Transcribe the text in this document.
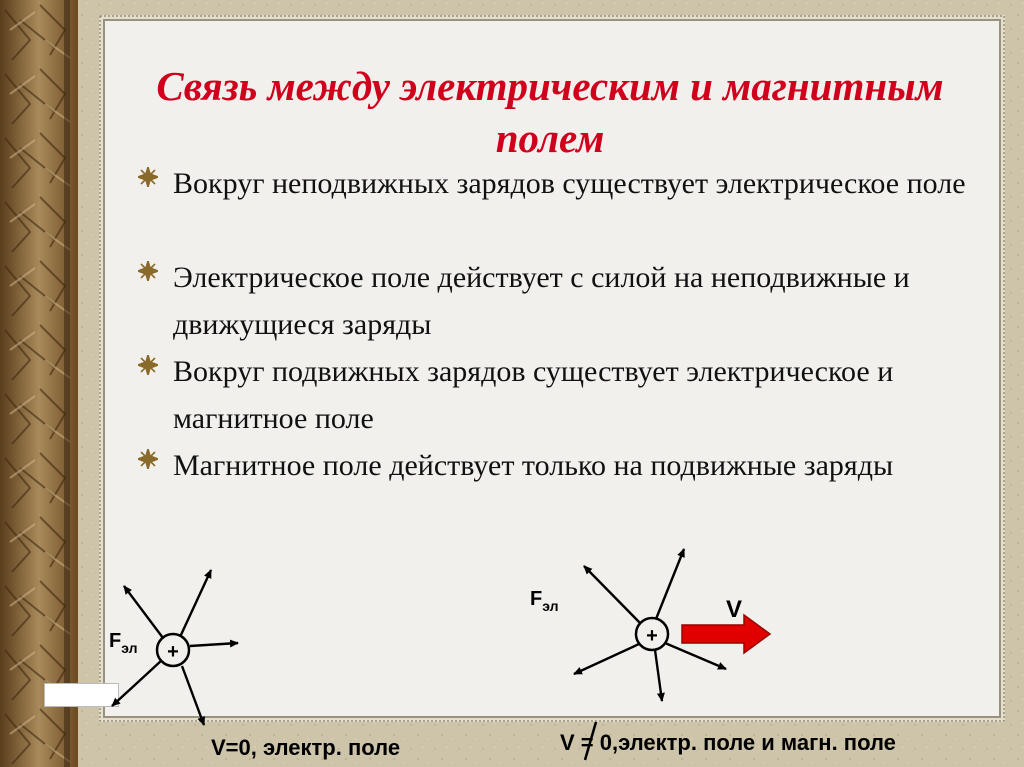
Связь между электрическим и магнитным полем
Вокруг неподвижных зарядов существует электрическое поле
Электрическое поле действует с силой на неподвижные и движущиеся заряды
Вокруг подвижных зарядов существует электрическое и магнитное поле
Магнитное поле действует только на подвижные заряды
+
+
$F_{эл}$
$F_{эл}$	V
V=0, электр. поле	V = 0,электр. поле и магн. поле
